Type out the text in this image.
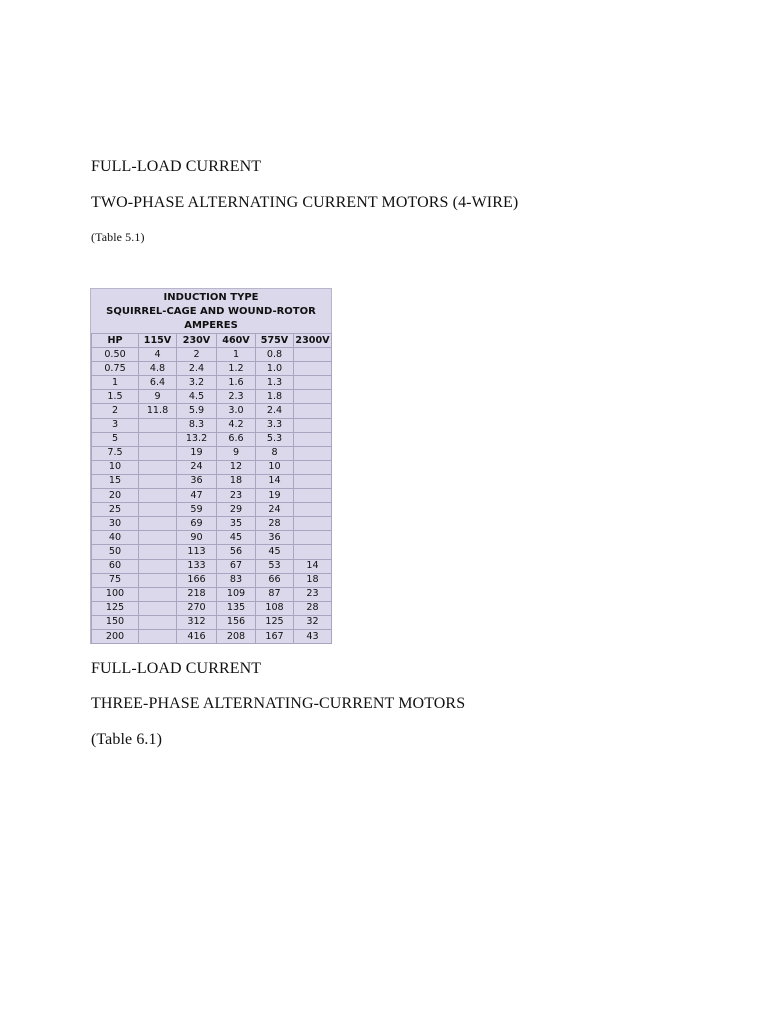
FULL-LOAD CURRENT
TWO-PHASE ALTERNATING CURRENT MOTORS (4-WIRE)
(Table 5.1)
INDUCTION TYPE
SQUIRREL-CAGE AND WOUND-ROTOR
AMPERES
HP	115V	230V	460V	575V	2300V
0.50	4	2	1	0.8	
0.75	4.8	2.4	1.2	1.0	
1	6.4	3.2	1.6	1.3	
1.5	9	4.5	2.3	1.8	
2	11.8	5.9	3.0	2.4	
3		8.3	4.2	3.3	
5		13.2	6.6	5.3	
7.5		19	9	8	
10		24	12	10	
15		36	18	14	
20		47	23	19	
25		59	29	24	
30		69	35	28	
40		90	45	36	
50		113	56	45	
60		133	67	53	14
75		166	83	66	18
100		218	109	87	23
125		270	135	108	28
150		312	156	125	32
200		416	208	167	43
FULL-LOAD CURRENT
THREE-PHASE ALTERNATING-CURRENT MOTORS
(Table 6.1)
